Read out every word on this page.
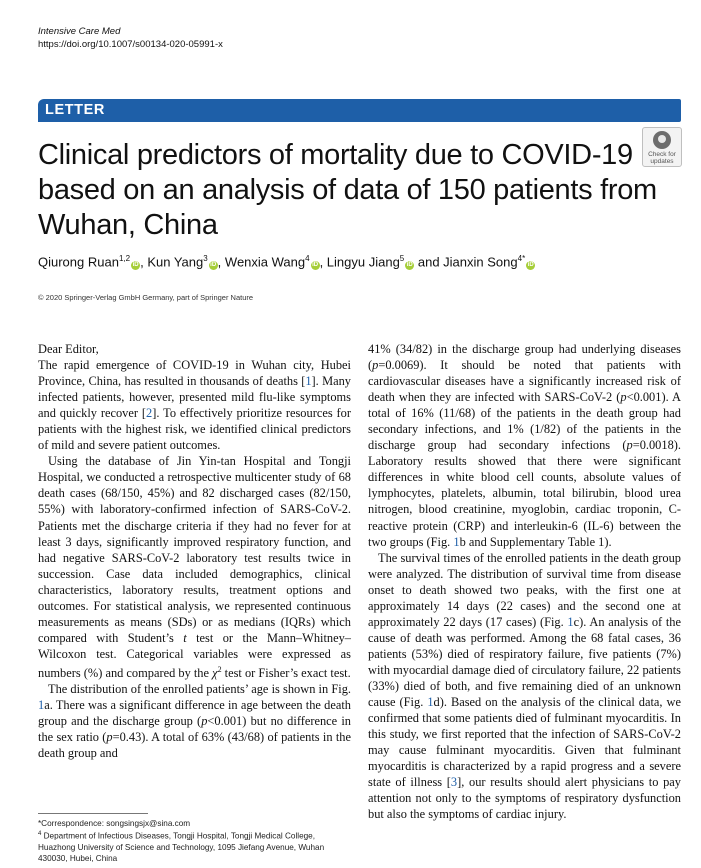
Intensive Care Med
https://doi.org/10.1007/s00134-020-05991-x
LETTER
Check for
updates
Clinical predictors of mortality due to COVID-19 based on an analysis of data of 150 patients from Wuhan, China
Qiurong Ruan$^{1,2}$iD , Kun Yang$^3$iD , Wenxia Wang$^4$iD , Lingyu Jiang$^5$iD and Jianxin Song$^{4*}$iD
© 2020 Springer-Verlag GmbH Germany, part of Springer Nature

Dear Editor,

The rapid emergence of COVID-19 in Wuhan city, Hubei Province, China, has resulted in thousands of deaths [1]. Many infected patients, however, presented mild flu-like symptoms and quickly recover [2]. To effectively prioritize resources for patients with the highest risk, we identified clinical predictors of mild and severe patient outcomes.

Using the database of Jin Yin-tan Hospital and Tongji Hospital, we conducted a retrospective multicenter study of 68 death cases (68/150, 45%) and 82 discharged cases (82/150, 55%) with laboratory-confirmed infection of SARS-CoV-2. Patients met the discharge criteria if they had no fever for at least 3 days, significantly improved respiratory function, and had negative SARS-CoV-2 laboratory test results twice in succession. Case data included demographics, clinical characteristics, laboratory results, treatment options and outcomes. For statistical analysis, we represented continuous measurements as means (SDs) or as medians (IQRs) which compared with Student’s t test or the Mann–Whitney–Wilcoxon test. Categorical variables were expressed as numbers (%) and compared by the $\chi^2$ test or Fisher’s exact test.

The distribution of the enrolled patients’ age is shown in Fig. 1a. There was a significant difference in age between the death group and the discharge group (p<0.001) but no difference in the sex ratio (p=0.43). A total of 63% (43/68) of patients in the death group and

41% (34/82) in the discharge group had underlying diseases (p=0.0069). It should be noted that patients with cardiovascular diseases have a significantly increased risk of death when they are infected with SARS-CoV-2 (p<0.001). A total of 16% (11/68) of the patients in the death group had secondary infections, and 1% (1/82) of the patients in the discharge group had secondary infections (p=0.0018). Laboratory results showed that there were significant differences in white blood cell counts, absolute values of lymphocytes, platelets, albumin, total bilirubin, blood urea nitrogen, blood creatinine, myoglobin, cardiac troponin, C-reactive protein (CRP) and interleukin-6 (IL-6) between the two groups (Fig. 1b and Supplementary Table 1).

The survival times of the enrolled patients in the death group were analyzed. The distribution of survival time from disease onset to death showed two peaks, with the first one at approximately 14 days (22 cases) and the second one at approximately 22 days (17 cases) (Fig. 1c). An analysis of the cause of death was performed. Among the 68 fatal cases, 36 patients (53%) died of respiratory failure, five patients (7%) with myocardial damage died of circulatory failure, 22 patients (33%) died of both, and five remaining died of an unknown cause (Fig. 1d). Based on the analysis of the clinical data, we confirmed that some patients died of fulminant myocarditis. In this study, we first reported that the infection of SARS-CoV-2 may cause fulminant myocarditis. Given that fulminant myocarditis is characterized by a rapid progress and a severe state of illness [3], our results should alert physicians to pay attention not only to the symptoms of respiratory dysfunction but also the symptoms of cardiac injury.

*Correspondence: songsingsjx@sina.com
$^4$ Department of Infectious Diseases, Tongji Hospital, Tongji Medical College, Huazhong University of Science and Technology, 1095 Jiefang Avenue, Wuhan 430030, Hubei, China
